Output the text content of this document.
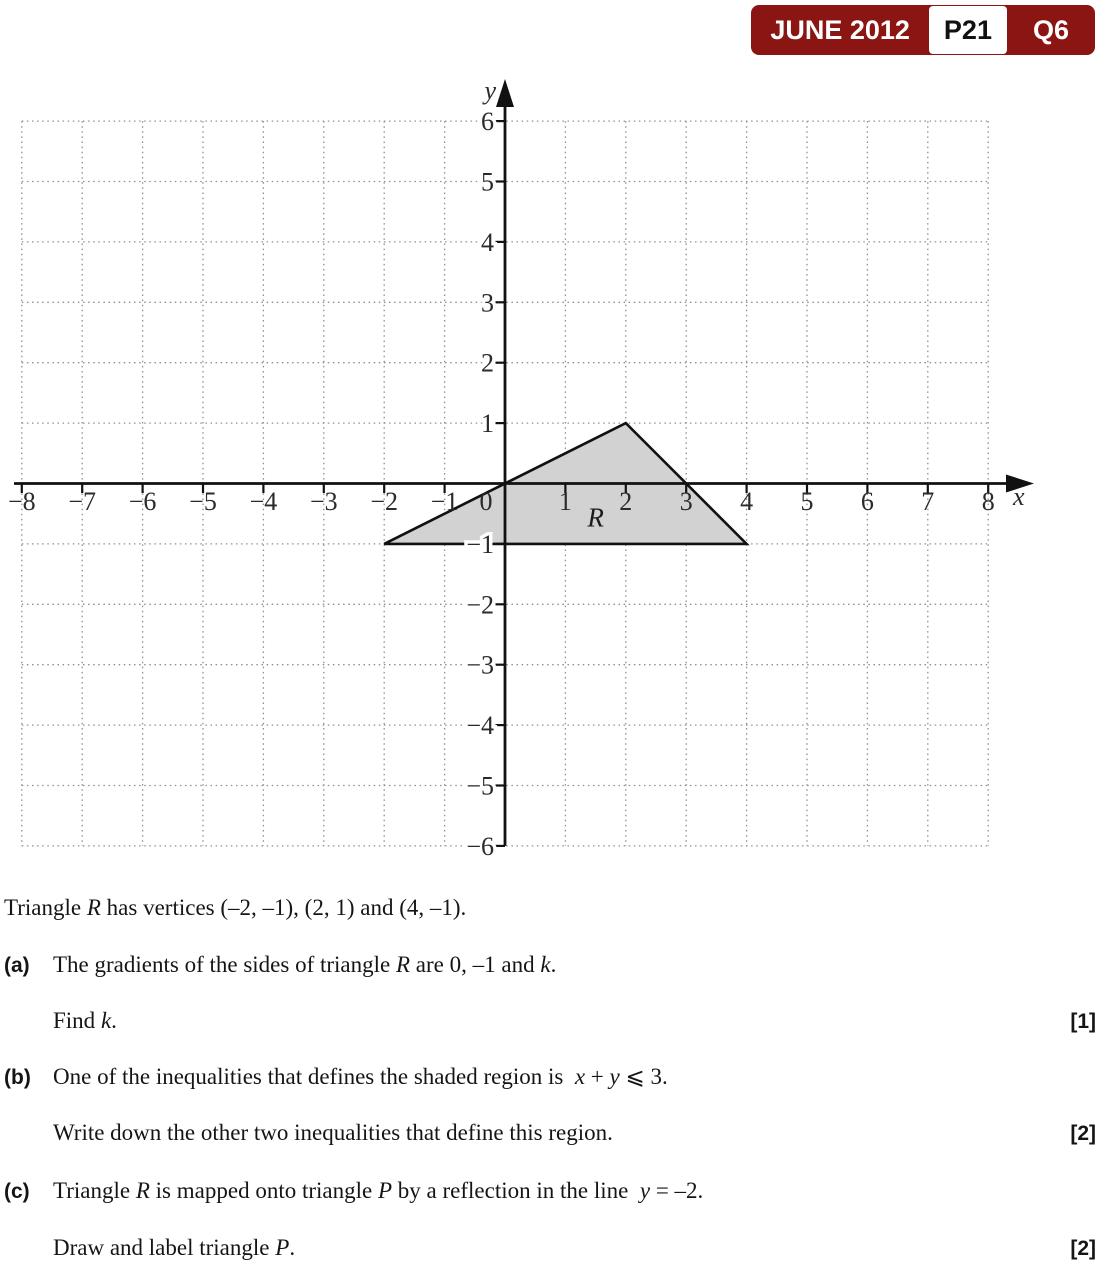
JUNE 2012	P21	Q6
−8 −7 −6 −5 −4 −3 −2 −1	1 2 3 4 5 6 7 8
−6
−5
−4
−3
−2
−1
1
2
3
4
5
6
0	x
y
R
Triangle R has vertices (–2, –1), (2, 1) and (4, –1).
(a) The gradients of the sides of triangle R are 0, –1 and k.
Find k.	[1]
(b) One of the inequalities that defines the shaded region is  x + y ⩽ 3.
Write down the other two inequalities that define this region.	[2]
(c) Triangle R is mapped onto triangle P by a reflection in the line  y = –2.
Draw and label triangle P.	[2]
